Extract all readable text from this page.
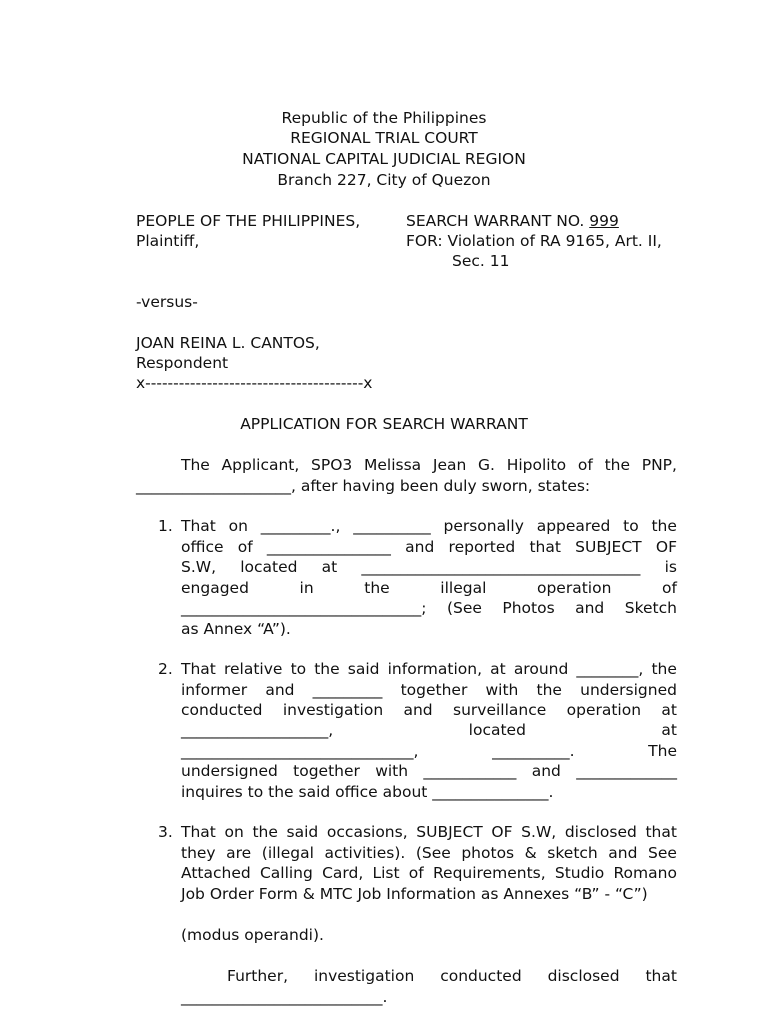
Republic of the Philippines
REGIONAL TRIAL COURT
NATIONAL CAPITAL JUDICIAL REGION
Branch 227, City of Quezon
PEOPLE OF THE PHILIPPINES,
Plaintiff,
SEARCH WARRANT NO. 999
FOR: Violation of RA 9165, Art. II,
Sec. 11
-versus-
JOAN REINA L. CANTOS,
Respondent
x---------------------------------------x
APPLICATION FOR SEARCH WARRANT
The Applicant, SPO3 Melissa Jean G. Hipolito of the PNP,
____________________, after having been duly sworn, states:
1. That on _________., __________ personally appeared to the
office of ________________ and reported that SUBJECT OF
S.W, located at ____________________________________ is
engaged	in	the	illegal	operation	of
_______________________________; (See Photos and Sketch
as Annex “A”).
2. That relative to the said information, at around ________, the
informer and _________ together with the undersigned
conducted investigation and surveillance operation at
___________________,	located	at
______________________________,	__________.	The
undersigned together with ____________ and _____________
inquires to the said office about _______________.
3. That on the said occasions, SUBJECT OF S.W, disclosed that
they are (illegal activities). (See photos & sketch and See
Attached Calling Card, List of Requirements, Studio Romano
Job Order Form & MTC Job Information as Annexes “B” - “C”)
(modus operandi).
Further, investigation conducted disclosed that
__________________________.
